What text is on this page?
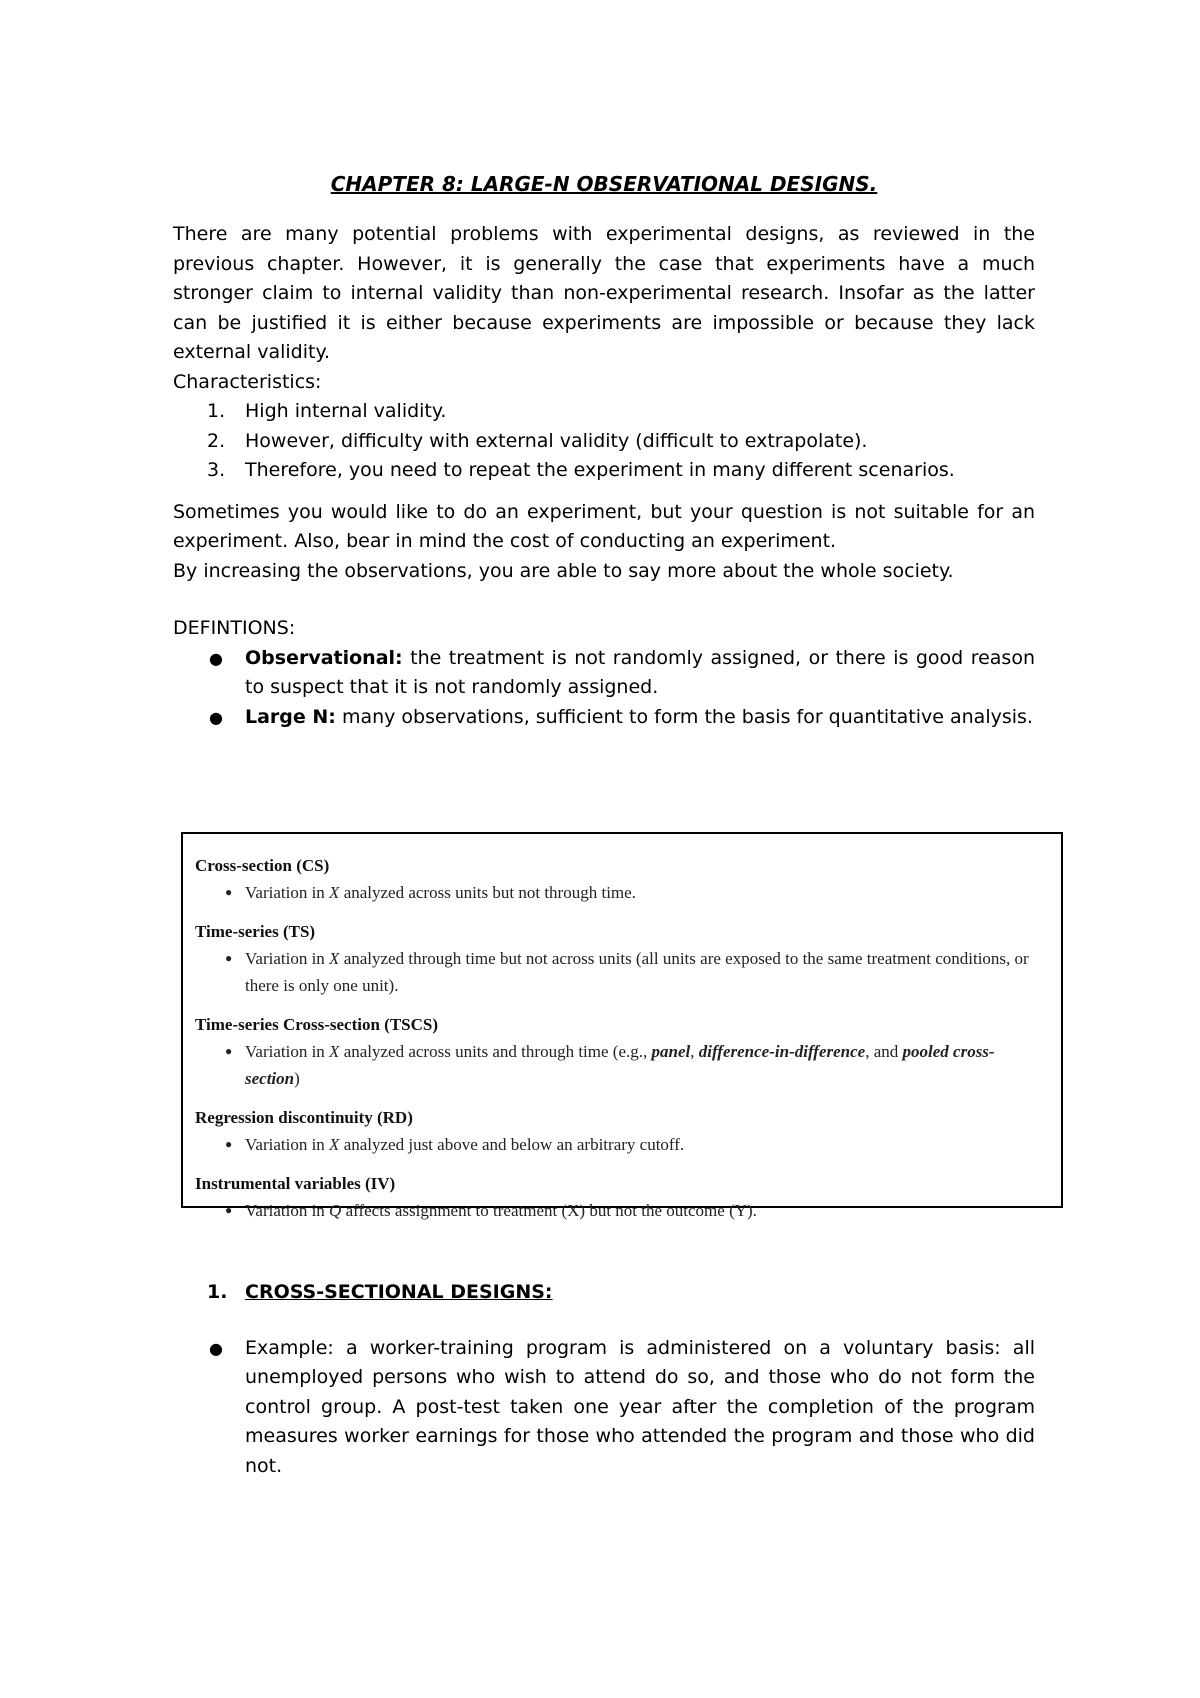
CHAPTER 8: LARGE-N OBSERVATIONAL DESIGNS.

There are many potential problems with experimental designs, as reviewed in the previous chapter. However, it is generally the case that experiments have a much stronger claim to internal validity than non-experimental research. Insofar as the latter can be justified it is either because experiments are impossible or because they lack external validity.

Characteristics:

1. High internal validity.
2. However, difficulty with external validity (difficult to extrapolate).
3. Therefore, you need to repeat the experiment in many different scenarios.

Sometimes you would like to do an experiment, but your question is not suitable for an experiment. Also, bear in mind the cost of conducting an experiment.

By increasing the observations, you are able to say more about the whole society.

DEFINTIONS:

● Observational: the treatment is not randomly assigned, or there is good reason to suspect that it is not randomly assigned.
● Large N: many observations, sufficient to form the basis for quantitative analysis.
Cross-section (CS)
● Variation in X analyzed across units but not through time.
Time-series (TS)
● Variation in X analyzed through time but not across units (all units are exposed to the same treatment conditions, or there is only one unit).
Time-series Cross-section (TSCS)
● Variation in X analyzed across units and through time (e.g., panel, difference-in-difference, and pooled cross-section)
Regression discontinuity (RD)
● Variation in X analyzed just above and below an arbitrary cutoff.
Instrumental variables (IV)
● Variation in Q affects assignment to treatment (X) but not the outcome (Y).
1. CROSS-SECTIONAL DESIGNS:
● Example: a worker-training program is administered on a voluntary basis: all unemployed persons who wish to attend do so, and those who do not form the control group. A post-test taken one year after the completion of the program measures worker earnings for those who attended the program and those who did not.
